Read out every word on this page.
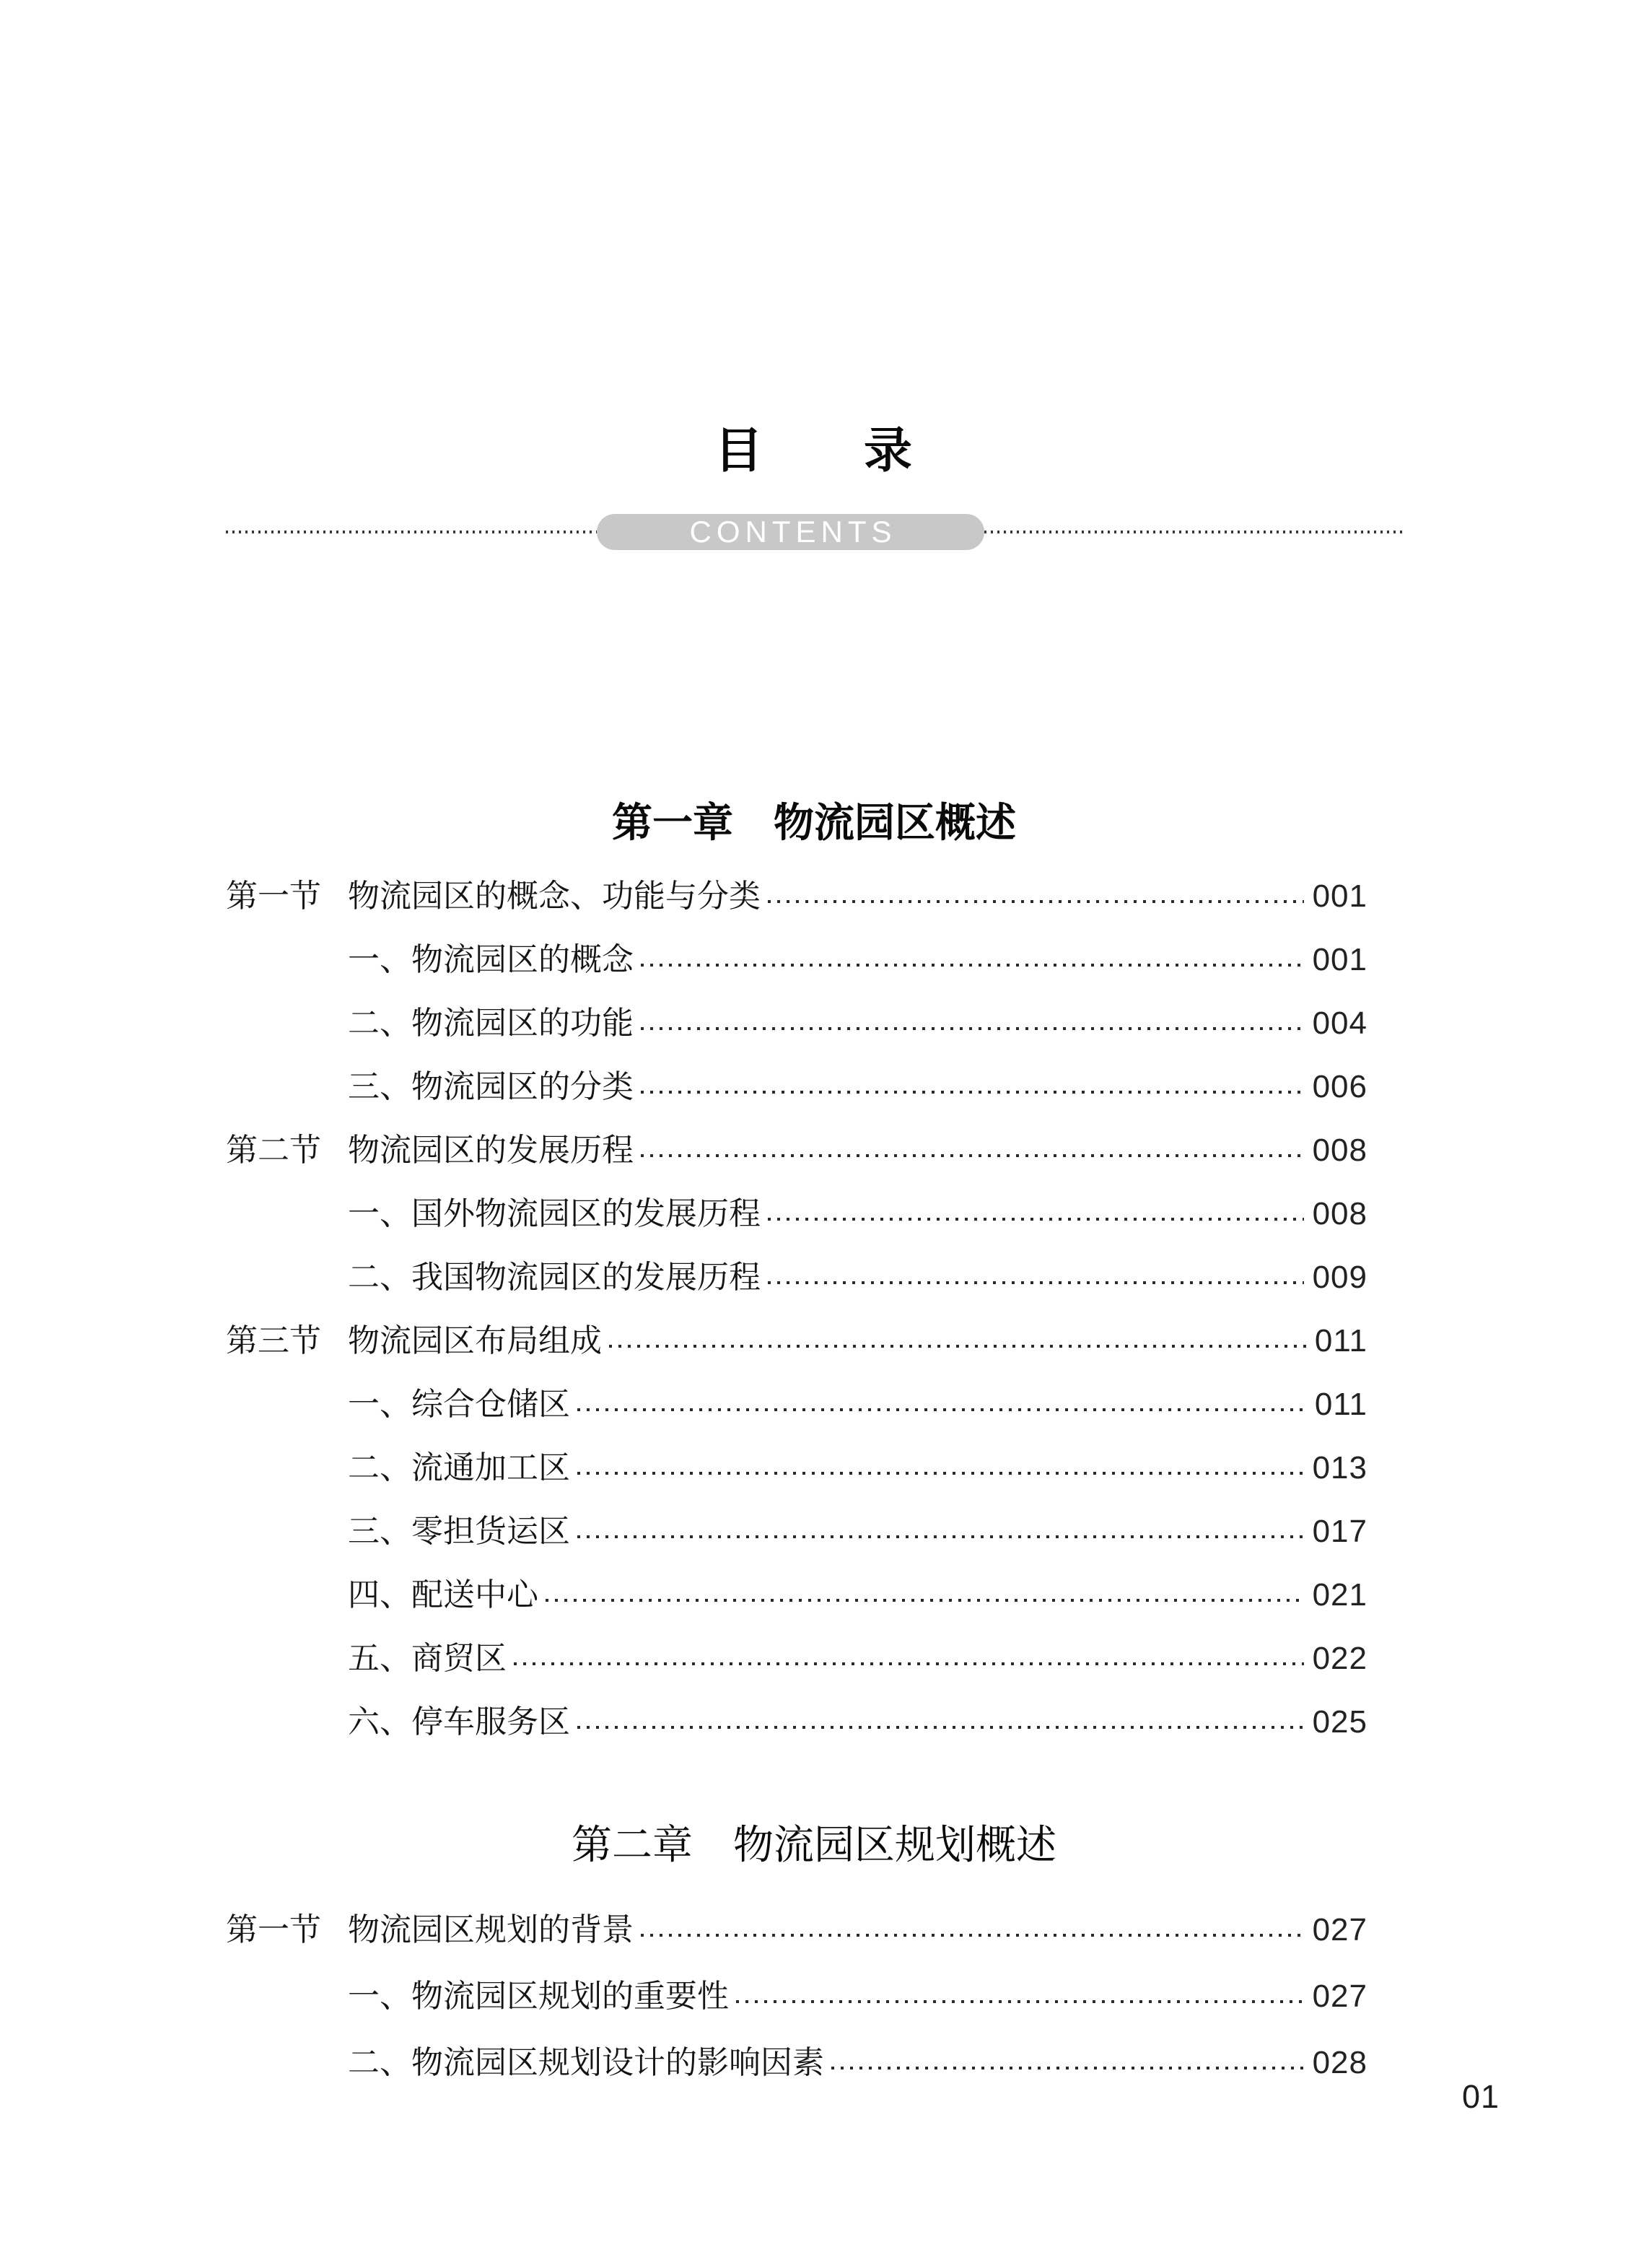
目　　录
CONTENTS
第一章　物流园区概述
第一节 物流园区的概念、功能与分类	001
一、物流园区的概念	001
二、物流园区的功能	004
三、物流园区的分类	006
第二节 物流园区的发展历程	008
一、国外物流园区的发展历程	008
二、我国物流园区的发展历程	009
第三节 物流园区布局组成	011
一、综合仓储区	011
二、流通加工区	013
三、零担货运区	017
四、配送中心	021
五、商贸区	022
六、停车服务区	025
第二章　物流园区规划概述
第一节 物流园区规划的背景	027
一、物流园区规划的重要性	027
二、物流园区规划设计的影响因素	028
01
